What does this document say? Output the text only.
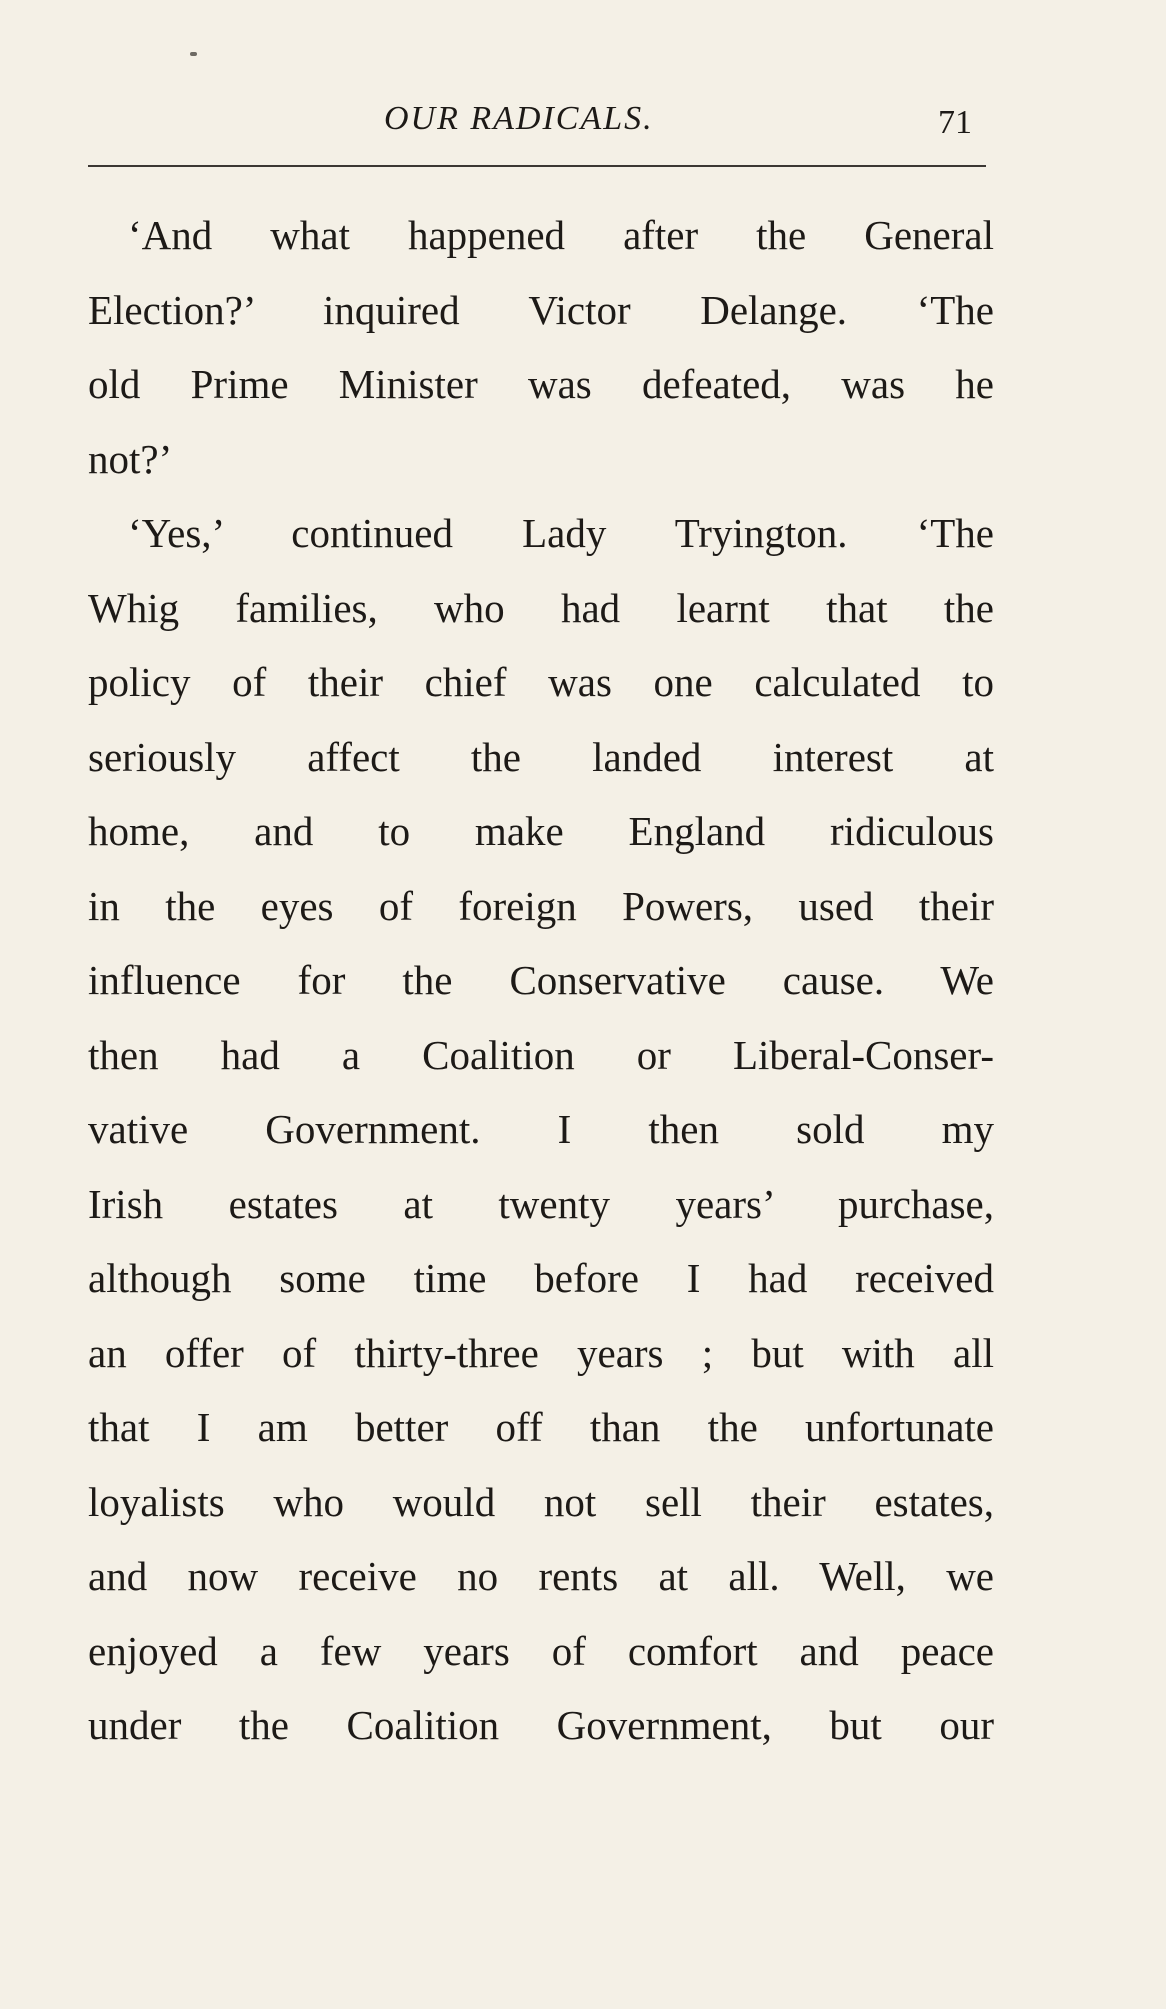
OUR RADICALS.	71
‘And what happened after the General
Election?’ inquired Victor Delange. ‘The
old Prime Minister was defeated, was he
not?’
‘Yes,’ continued Lady Tryington. ‘The
Whig families, who had learnt that the
policy of their chief was one calculated to
seriously affect the landed interest at
home, and to make England ridiculous
in the eyes of foreign Powers, used their
influence for the Conservative cause. We
then had a Coalition or Liberal-Conser-
vative Government. I then sold my
Irish estates at twenty years’ purchase,
although some time before I had received
an offer of thirty-three years ; but with all
that I am better off than the unfortunate
loyalists who would not sell their estates,
and now receive no rents at all. Well, we
enjoyed a few years of comfort and peace
under the Coalition Government, but our
